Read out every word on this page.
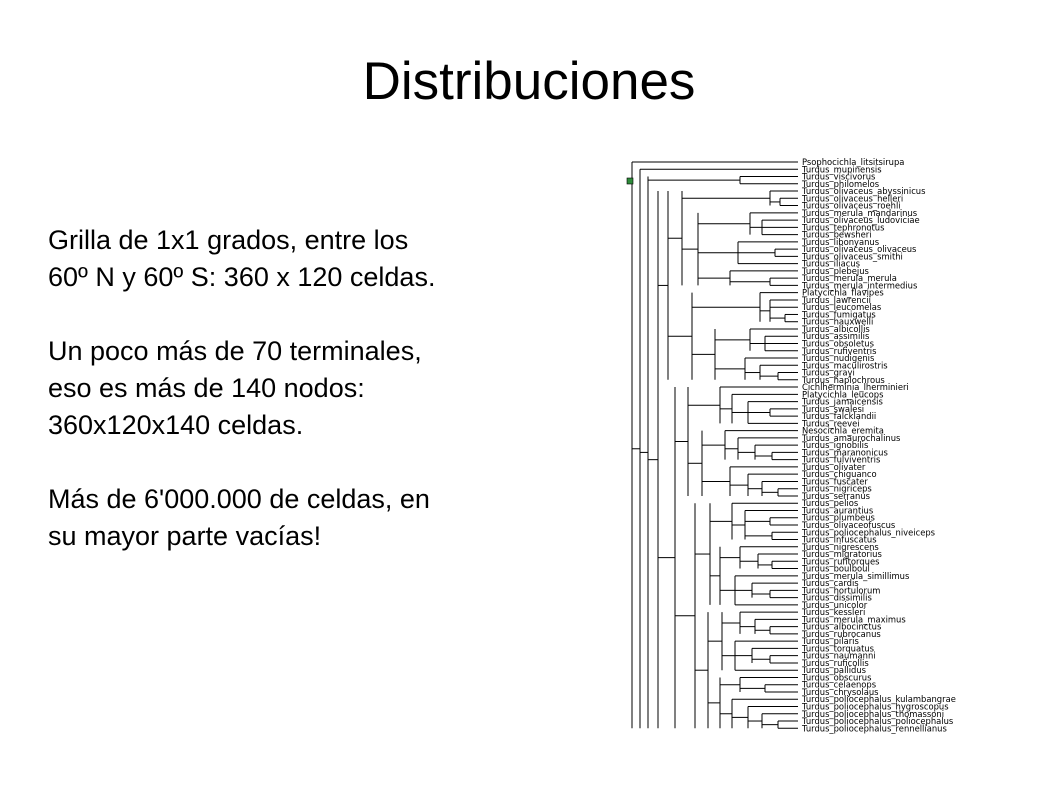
Distribuciones

Grilla de 1x1 grados, entre los
60º N y 60º S: 360 x 120 celdas.

Un poco más de 70 terminales,
eso es más de 140 nodos:
360x120x140 celdas.

Más de 6'000.000 de celdas, en
su mayor parte vacías!

Psophocichla_litsitsirupa
Turdus_mupinensis
Turdus_viscivorus
Turdus_philomelos
Turdus_olivaceus_abyssinicus
Turdus_olivaceus_helleri
Turdus_olivaceus_roehli
Turdus_merula_mandarinus
Turdus_olivaceus_ludoviciae
Turdus_tephronotus
Turdus_bewsheri
Turdus_libonyanus
Turdus_olivaceus_olivaceus
Turdus_olivaceus_smithi
Turdus_iliacus
Turdus_plebejus
Turdus_merula_merula
Turdus_merula_intermedius
Platycichla_flavipes
Turdus_lawrencii
Turdus_leucomelas
Turdus_fumigatus
Turdus_hauxwelli
Turdus_albicollis
Turdus_assimilis
Turdus_obsoletus
Turdus_rufiventris
Turdus_nudigenis
Turdus_maculirostris
Turdus_grayi
Turdus_haplochrous
Cichlherminia_lherminieri
Platycichla_leucops
Turdus_jamaicensis
Turdus_swalesi
Turdus_falcklandii
Turdus_reevei
Nesocichla_eremita
Turdus_amaurochalinus
Turdus_ignobilis
Turdus_maranonicus
Turdus_fulviventris
Turdus_olivater
Turdus_chiguanco
Turdus_fuscater
Turdus_nigriceps
Turdus_serranus
Turdus_pelios
Turdus_aurantius
Turdus_plumbeus
Turdus_olivaceofuscus
Turdus_poliocephalus_niveiceps
Turdus_infuscatus
Turdus_nigrescens
Turdus_migratorius
Turdus_rufitorques
Turdus_boulboul
Turdus_merula_simillimus
Turdus_cardis
Turdus_hortulorum
Turdus_dissimilis
Turdus_unicolor
Turdus_kessleri
Turdus_merula_maximus
Turdus_albocinctus
Turdus_rubrocanus
Turdus_pilaris
Turdus_torquatus
Turdus_naumanni
Turdus_ruficollis
Turdus_pallidus
Turdus_obscurus
Turdus_celaenops
Turdus_chrysolaus
Turdus_poliocephalus_kulambangrae
Turdus_poliocephalus_hygroscopus
Turdus_poliocephalus_thomassoni
Turdus_poliocephalus_poliocephalus
Turdus_poliocephalus_rennellianus
